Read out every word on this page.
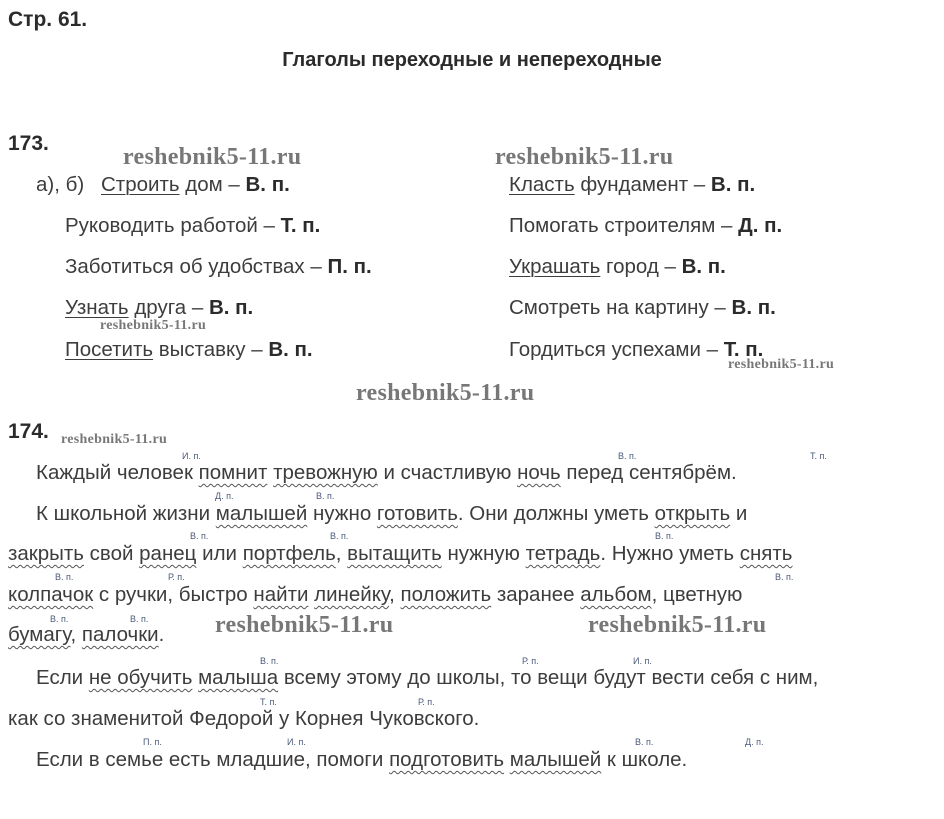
Стр. 61.
Глаголы переходные и непереходные
173.
reshebnik5-11.ru	reshebnik5-11.ru
а), б) Строить дом – В. п.
Руководить работой – Т. п.
Заботиться об удобствах – П. п.
Узнать друга – В. п.
reshebnik5-11.ru
Посетить выставку – В. п.
Класть фундамент – В. п.
Помогать строителям – Д. п.
Украшать город – В. п.
Смотреть на картину – В. п.
Гордиться успехами – Т. п.
reshebnik5-11.ru
reshebnik5-11.ru
174. reshebnik5-11.ru
И. п.	В. п.	Т. п.
Каждый человек помнит тревожную и счастливую ночь перед сентябрём.
Д. п.	В. п.
К школьной жизни малышей нужно готовить. Они должны уметь открыть и
В. п.	В. п.	В. п.
закрыть свой ранец или портфель, вытащить нужную тетрадь. Нужно уметь снять
В. п.	Р. п.	В. п.
колпачок с ручки, быстро найти линейку, положить заранее альбом, цветную
В. п.	В. п.
бумагу, палочки.	reshebnik5-11.ru	reshebnik5-11.ru
В. п.	Р. п.	И. п.
Если не обучить малыша всему этому до школы, то вещи будут вести себя с ним,
Т. п.	Р. п.
как со знаменитой Федорой у Корнея Чуковского.
П. п.	И. п.	В. п.	Д. п.
Если в семье есть младшие, помоги подготовить малышей к школе.
